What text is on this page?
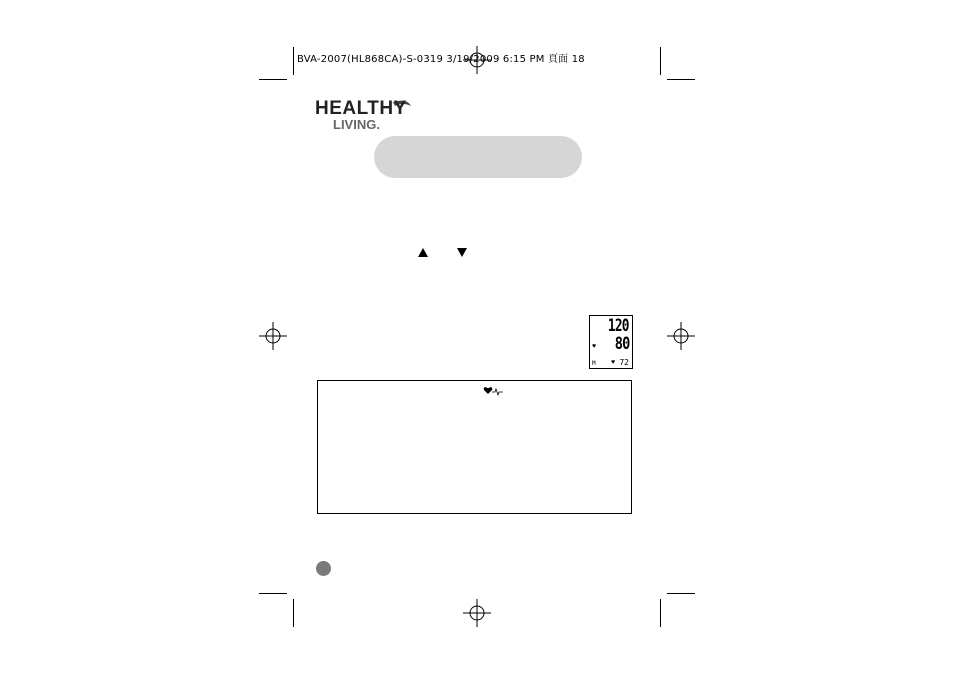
BVA-2007(HL868CA)-S-0319 3/19/2009 6:15 PM 頁面 18
HEALTHY
LIVING.
120
80
♥
M ♥ 72
